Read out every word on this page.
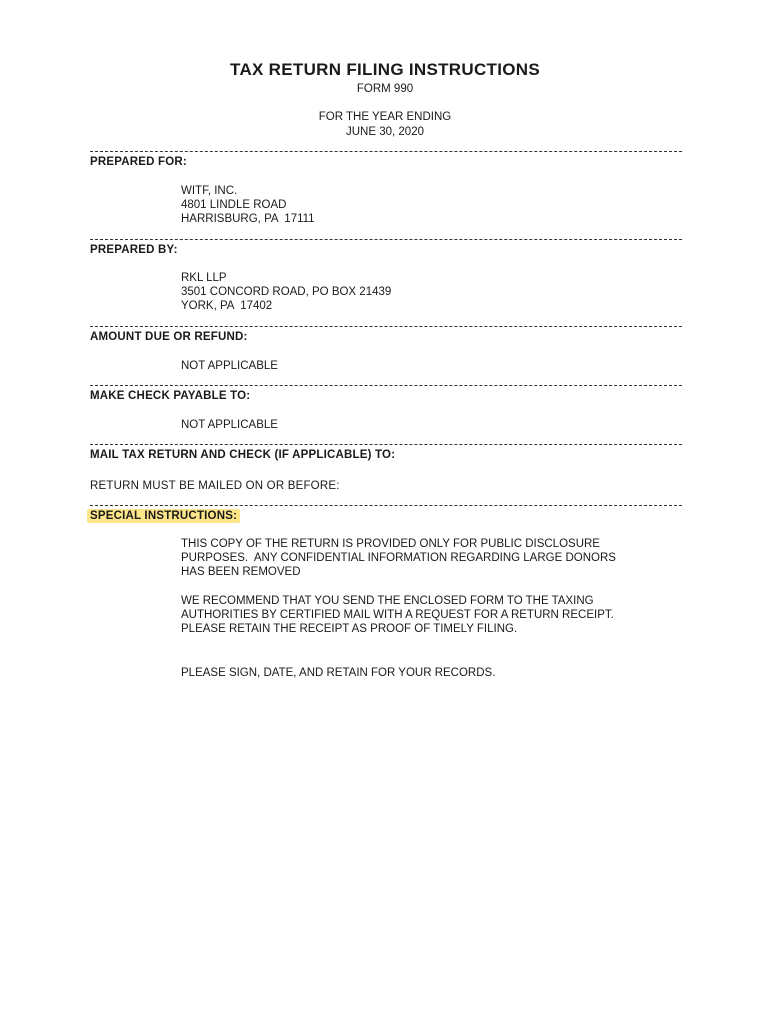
TAX RETURN FILING INSTRUCTIONS
FORM 990
FOR THE YEAR ENDING
JUNE 30, 2020
PREPARED FOR:
WITF, INC.
4801 LINDLE ROAD
HARRISBURG, PA  17111
PREPARED BY:
RKL LLP
3501 CONCORD ROAD, PO BOX 21439
YORK, PA  17402
AMOUNT DUE OR REFUND:
NOT APPLICABLE
MAKE CHECK PAYABLE TO:
NOT APPLICABLE
MAIL TAX RETURN AND CHECK (IF APPLICABLE) TO:
RETURN MUST BE MAILED ON OR BEFORE:
SPECIAL INSTRUCTIONS:
THIS COPY OF THE RETURN IS PROVIDED ONLY FOR PUBLIC DISCLOSURE
PURPOSES.  ANY CONFIDENTIAL INFORMATION REGARDING LARGE DONORS
HAS BEEN REMOVED
WE RECOMMEND THAT YOU SEND THE ENCLOSED FORM TO THE TAXING
AUTHORITIES BY CERTIFIED MAIL WITH A REQUEST FOR A RETURN RECEIPT.
PLEASE RETAIN THE RECEIPT AS PROOF OF TIMELY FILING.
PLEASE SIGN, DATE, AND RETAIN FOR YOUR RECORDS.
